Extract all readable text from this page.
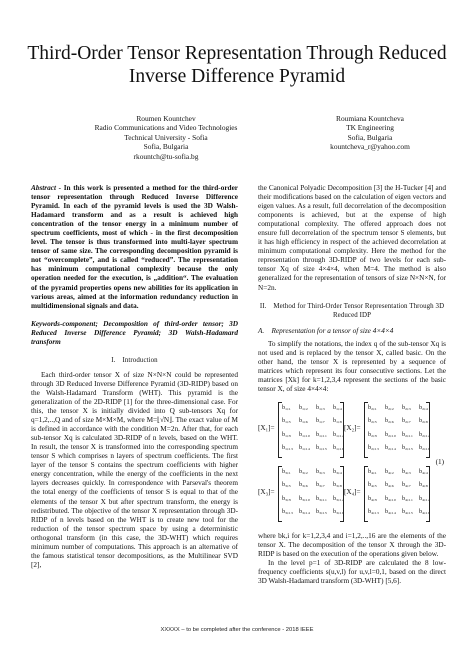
Third-Order Tensor Representation Through Reduced Inverse Difference Pyramid
Roumen Kountchev
Radio Communications and Video Technologies
Technical University - Sofia
Sofia, Bulgaria
rkountch@tu-sofia.bg
Roumiana Kountcheva
TK Engineering
Sofia, Bulgaria
kountcheva_r@yahoo.com

Abstract - In this work is presented a method for the third-order tensor representation through Reduced Inverse Difference Pyramid. In each of the pyramid levels is used the 3D Walsh-Hadamard transform and as a result is achieved high concentration of the tensor energy in a minimum number of spectrum coefficients, most of which - in the first decomposition level. The tensor is thus transformed into multi-layer spectrum tensor of same size. The corresponding decomposition pyramid is not “overcomplete”, and is called “reduced”. The representation has minimum computational complexity because the only operation needed for the execution, is „addition“. The evaluation of the pyramid properties opens new abilities for its application in various areas, aimed at the information redundancy reduction in multidimensional signals and data.

Keywords-component; Decomposition of third-order tensor; 3D Reduced Inverse Difference Pyramid; 3D Walsh-Hadamard transform

I. Introduction

Each third-order tensor X of size N×N×N could be represented through 3D Reduced Inverse Difference Pyramid (3D-RIDP) based on the Walsh-Hadamard Transform (WHT). This pyramid is the generalization of the 2D-RIDP [1] for the three-dimensional case. For this, the tensor X is initially divided into Q sub-tensors Xq for q=1,2,..,Q and of size M×M×M, where M=⌊√N⌋. The exact value of M is defined in accordance with the condition M=2n. After that, for each sub-tensor Xq is calculated 3D-RIDP of n levels, based on the WHT. In result, the tensor X is transformed into the corresponding spectrum tensor S which comprises n layers of spectrum coefficients. The first layer of the tensor S contains the spectrum coefficients with higher energy concentration, while the energy of the coefficients in the next layers decreases quickly. In correspondence with Parseval's theorem the total energy of the coefficients of tensor S is equal to that of the elements of the tensor X but after spectrum transform, the energy is redistributed. The objective of the tensor X representation through 3D-RIDP of n levels based on the WHT is to create new tool for the reduction of the tensor spectrum space by using a deterministic orthogonal transform (in this case, the 3D-WHT) which requires minimum number of computations. This approach is an alternative of the famous statistical tensor decompositions, as the Multilinear SVD [2],

the Canonical Polyadic Decomposition [3] the H-Tucker [4] and their modifications based on the calculation of eigen vectors and eigen values. As a result, full decorrelation of the decomposition components is achieved, but at the expense of high computational complexity. The offered approach does not ensure full decorrelation of the spectrum tensor S elements, but it has high efficiency in respect of the achieved decorrelation at minimum computational complexity. Here the method for the representation through 3D-RIDP of two levels for each sub-tensor Xq of size 4×4×4, when M=4. The method is also generalized for the representation of tensors of size N×N×N, for N=2n.

II. Method for Third-Order Tensor Representation Through 3D Reduced IDP
A. Representation for a tensor of size 4×4×4

To simplify the notations, the index q of the sub-tensor Xq is not used and is replaced by the tensor X, called basic. On the other hand, the tensor X is represented by a sequence of matrices which represent its four consecutive sections. Let the matrices [Xk] for k=1,2,3,4 represent the sections of the basic tensor X, of size 4×4×4:

(1)
[X₁]=
b₁,₁ b₁,₂ b₁,₃ b₁,₄
b₁,₅ b₁,₆ b₁,₇ b₁,₈
b₁,₉ b₁,₁₀ b₁,₁₁ b₁,₁₂
b₁,₁₃ b₁,₁₄ b₁,₁₅ b₁,₁₆
[X₂]=
b₂,₁ b₂,₂ b₂,₃ b₂,₄
b₂,₅ b₂,₆ b₂,₇ b₂,₈
b₂,₉ b₂,₁₀ b₂,₁₁ b₂,₁₂
b₂,₁₃ b₂,₁₄ b₂,₁₅ b₂,₁₆
[X₃]=
b₃,₁ b₃,₂ b₃,₃ b₃,₄
b₃,₅ b₃,₆ b₃,₇ b₃,₈
b₃,₉ b₃,₁₀ b₃,₁₁ b₃,₁₂
b₃,₁₃ b₃,₁₄ b₃,₁₅ b₃,₁₆
[X₄]=
b₄,₁ b₄,₂ b₄,₃ b₄,₄
b₄,₅ b₄,₆ b₄,₇ b₄,₈
b₄,₉ b₄,₁₀ b₄,₁₁ b₄,₁₂
b₄,₁₃ b₄,₁₄ b₄,₁₅ b₄,₁₆

where bk,i for k=1,2,3,4 and i=1,2,..,16 are the elements of the tensor X. The decomposition of the tensor X through the 3D-RIDP is based on the execution of the operations given below.

In the level p=1 of 3D-RIDP are calculated the 8 low-frequency coefficients s(u,v,l) for u,v,l=0,1, based on the direct 3D Walsh-Hadamard transform (3D-WHT) [5,6].

XXXXX – to be completed after the conference - 2018 IEEE
